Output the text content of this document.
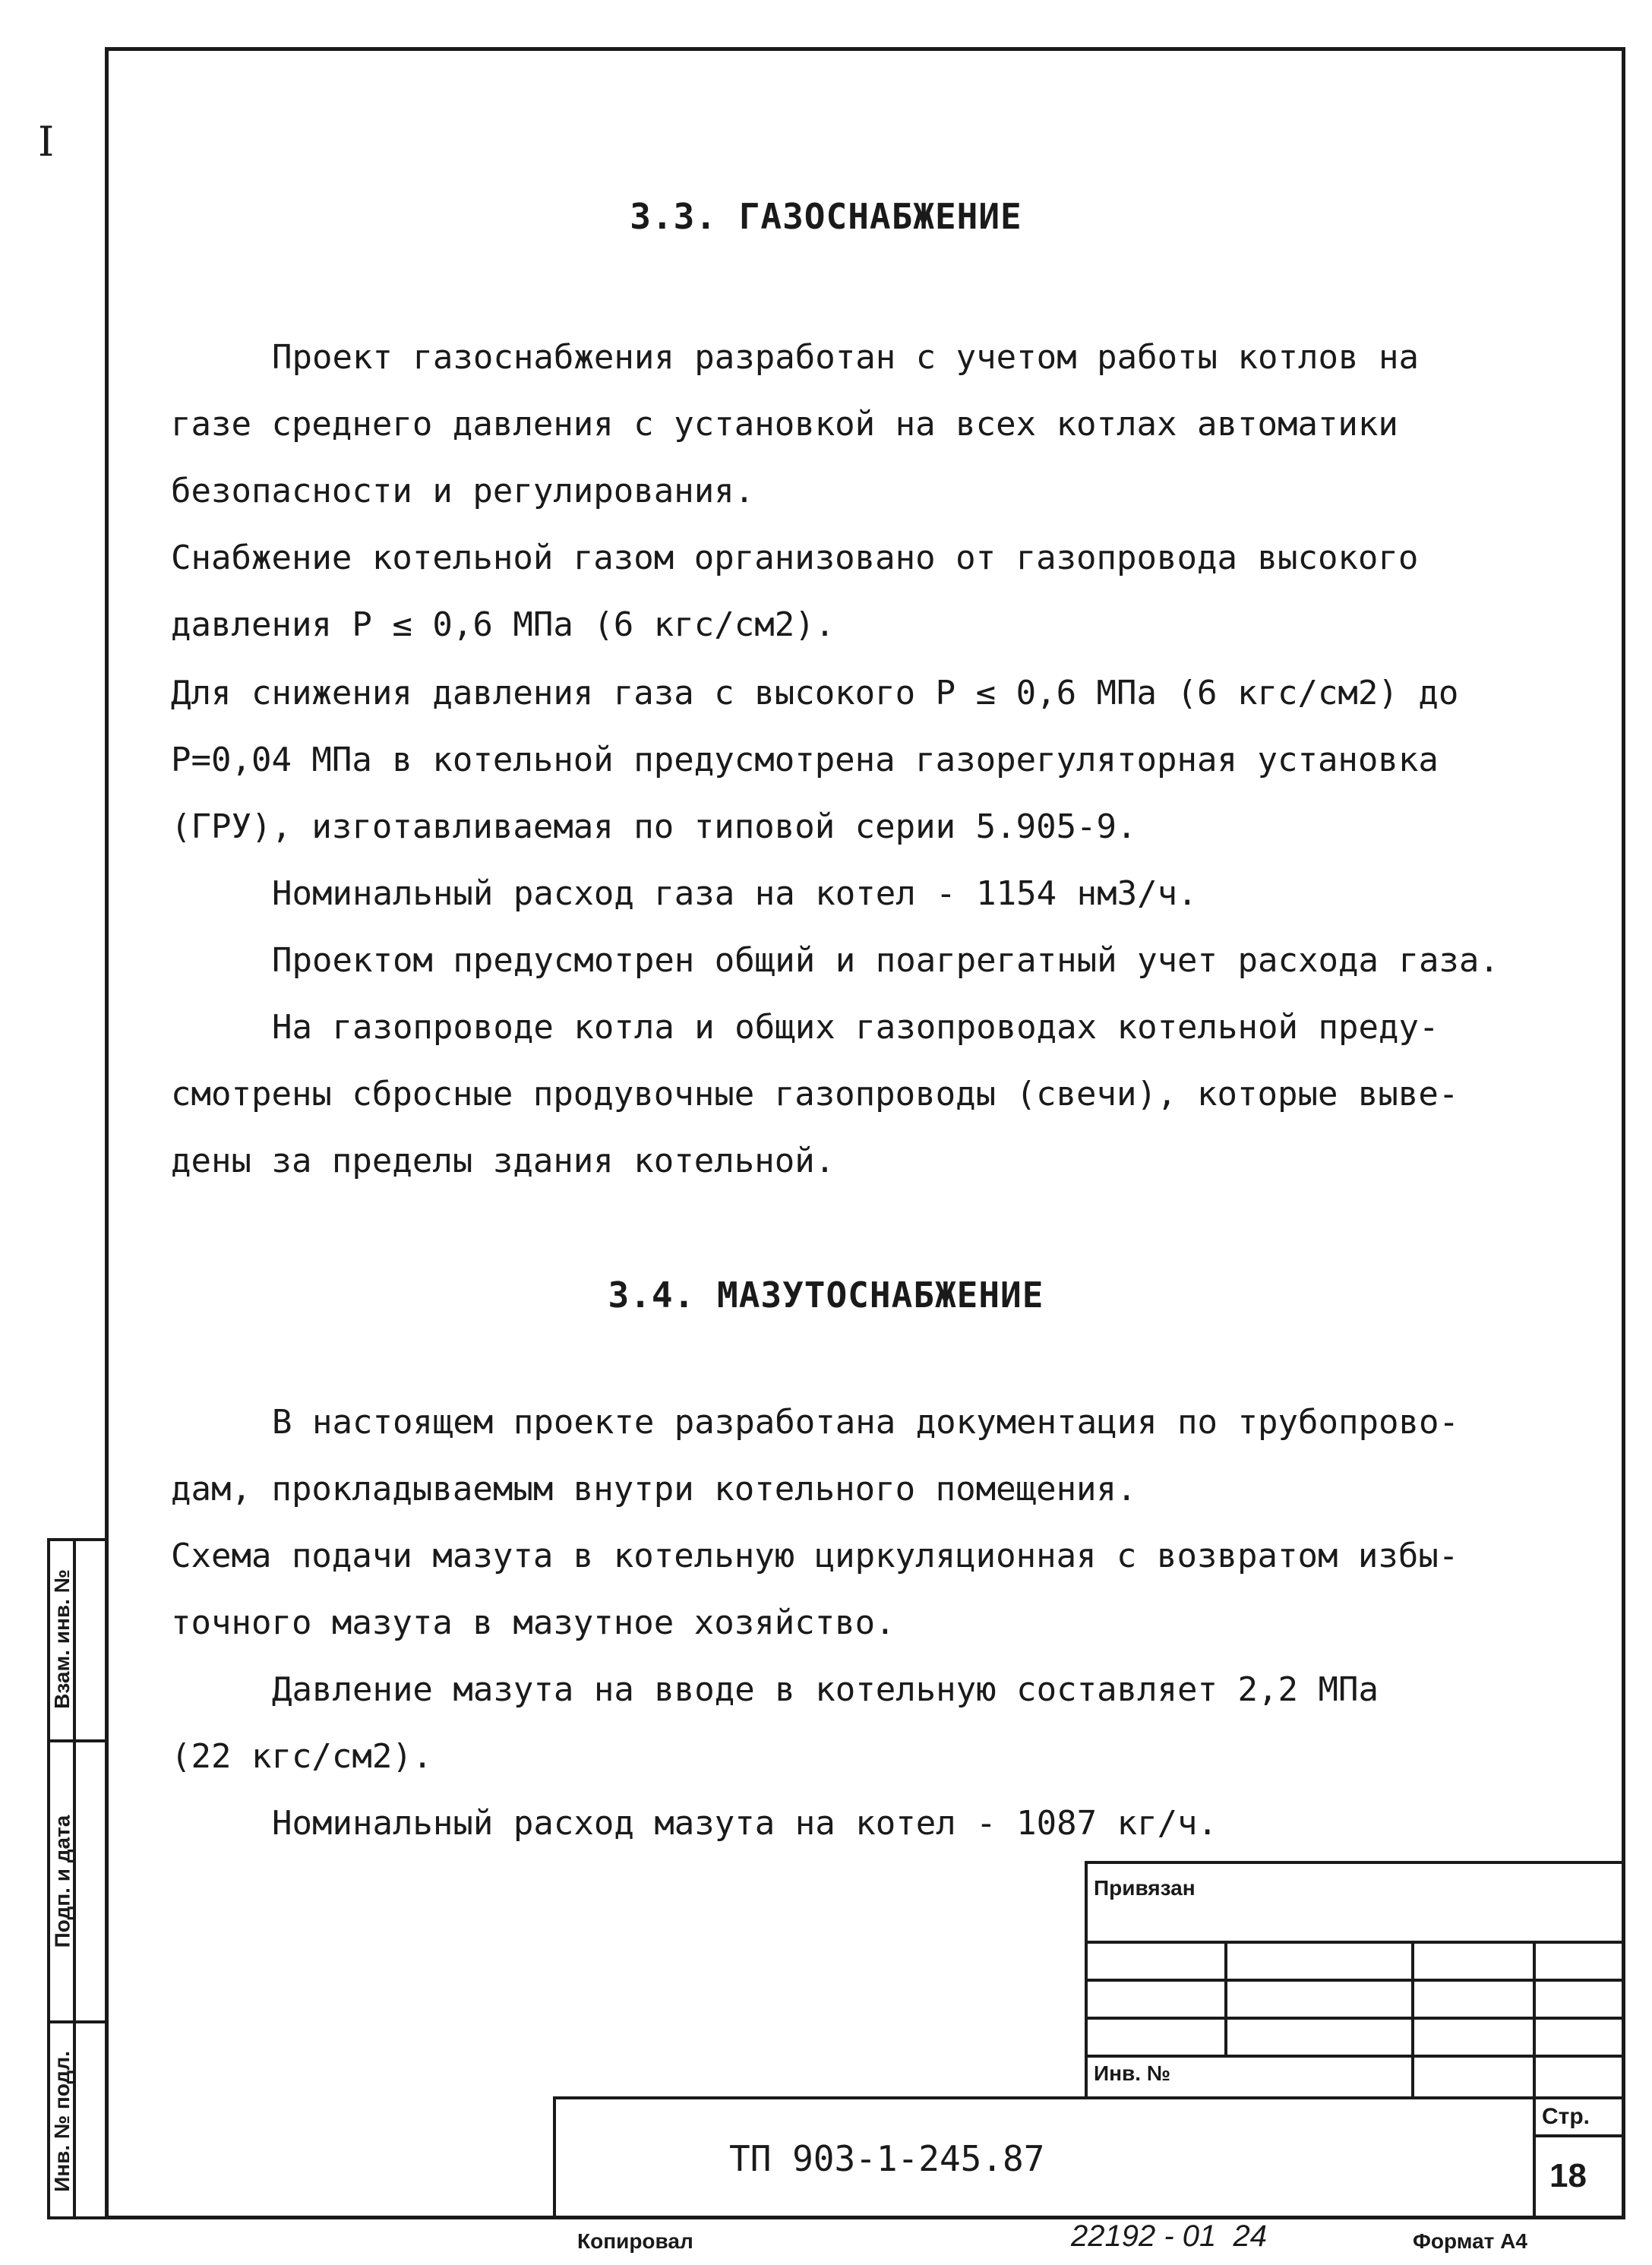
I
3.3. ГАЗОСНАБЖЕНИЕ
Проект газоснабжения разработан с учетом работы котлов на
газе среднего давления с установкой на всех котлах автоматики
безопасности и регулирования.
Снабжение котельной газом организовано от газопровода высокого
давления Р ≤ 0,6 МПа (6 кгс/см2).
Для снижения давления газа с высокого Р ≤ 0,6 МПа (6 кгс/см2) до
Р=0,04 МПа в котельной предусмотрена газорегуляторная установка
(ГРУ), изготавливаемая по типовой серии 5.905-9.
Номинальный расход газа на котел - 1154 нм3/ч.
Проектом предусмотрен общий и поагрегатный учет расхода газа.
На газопроводе котла и общих газопроводах котельной преду-
смотрены сбросные продувочные газопроводы (свечи), которые выве-
дены за пределы здания котельной.
3.4. МАЗУТОСНАБЖЕНИЕ
В настоящем проекте разработана документация по трубопрово-
дам, прокладываемым внутри котельного помещения.
Схема подачи мазута в котельную циркуляционная с возвратом избы-
точного мазута в мазутное хозяйство.
Давление мазута на вводе в котельную составляет 2,2 МПа
(22 кгс/см2).
Номинальный расход мазута на котел - 1087 кг/ч.
Взам. инв. №
Подп. и дата
Инв. № подл.
Привязан
Инв. №
Стр.
18
ТП 903-1-245.87
Копировал	22192 - 01  24	Формат А4
